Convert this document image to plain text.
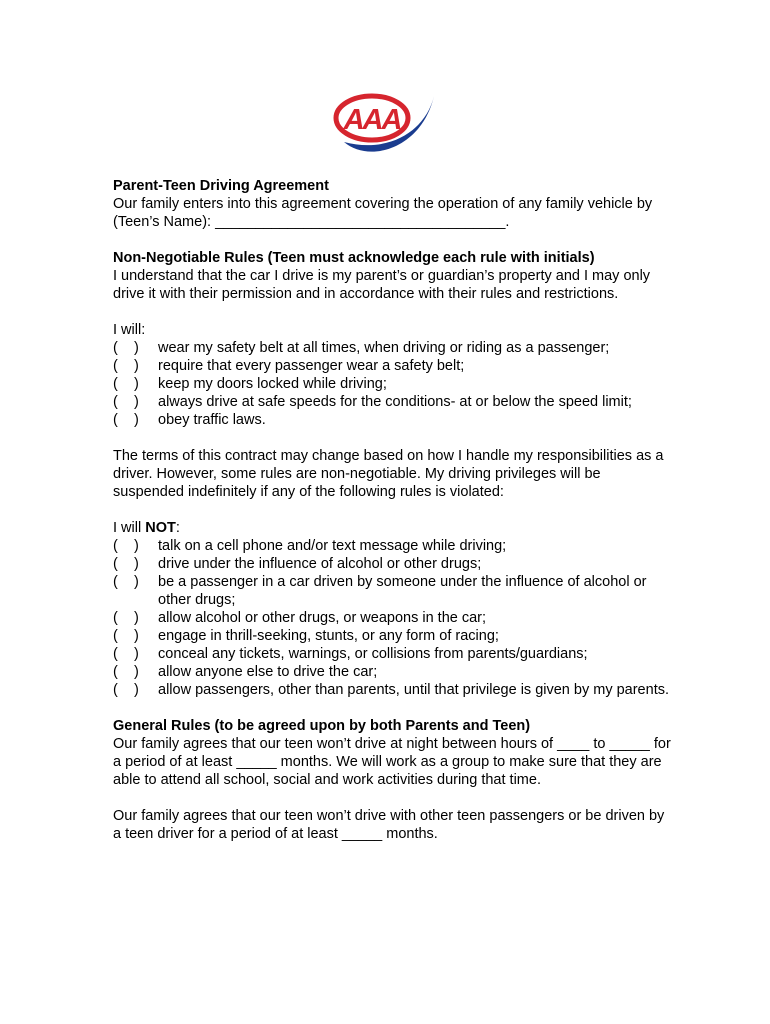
AAA

Parent-Teen Driving Agreement

Our family enters into this agreement covering the operation of any family vehicle by (Teen’s Name): ____________________________________.

Non-Negotiable Rules (Teen must acknowledge each rule with initials)

I understand that the car I drive is my parent’s or guardian’s property and I may only drive it with their permission and in accordance with their rules and restrictions.

I will:

(    )	wear my safety belt at all times, when driving or riding as a passenger;
(    )	require that every passenger wear a safety belt;
(    )	keep my doors locked while driving;
(    )	always drive at safe speeds for the conditions- at or below the speed limit;
(    )	obey traffic laws.

The terms of this contract may change based on how I handle my responsibilities as a driver. However, some rules are non-negotiable. My driving privileges will be suspended indefinitely if any of the following rules is violated:

I will NOT:

(    )	talk on a cell phone and/or text message while driving;
(    )	drive under the influence of alcohol or other drugs;
(    )	be a passenger in a car driven by someone under the influence of alcohol or other drugs;
(    )	allow alcohol or other drugs, or weapons in the car;
(    )	engage in thrill-seeking, stunts, or any form of racing;
(    )	conceal any tickets, warnings, or collisions from parents/guardians;
(    )	allow anyone else to drive the car;
(    )	allow passengers, other than parents, until that privilege is given by my parents.

General Rules (to be agreed upon by both Parents and Teen)

Our family agrees that our teen won’t drive at night between hours of ____ to _____ for a period of at least _____ months. We will work as a group to make sure that they are able to attend all school, social and work activities during that time.

Our family agrees that our teen won’t drive with other teen passengers or be driven by a teen driver for a period of at least _____ months.
